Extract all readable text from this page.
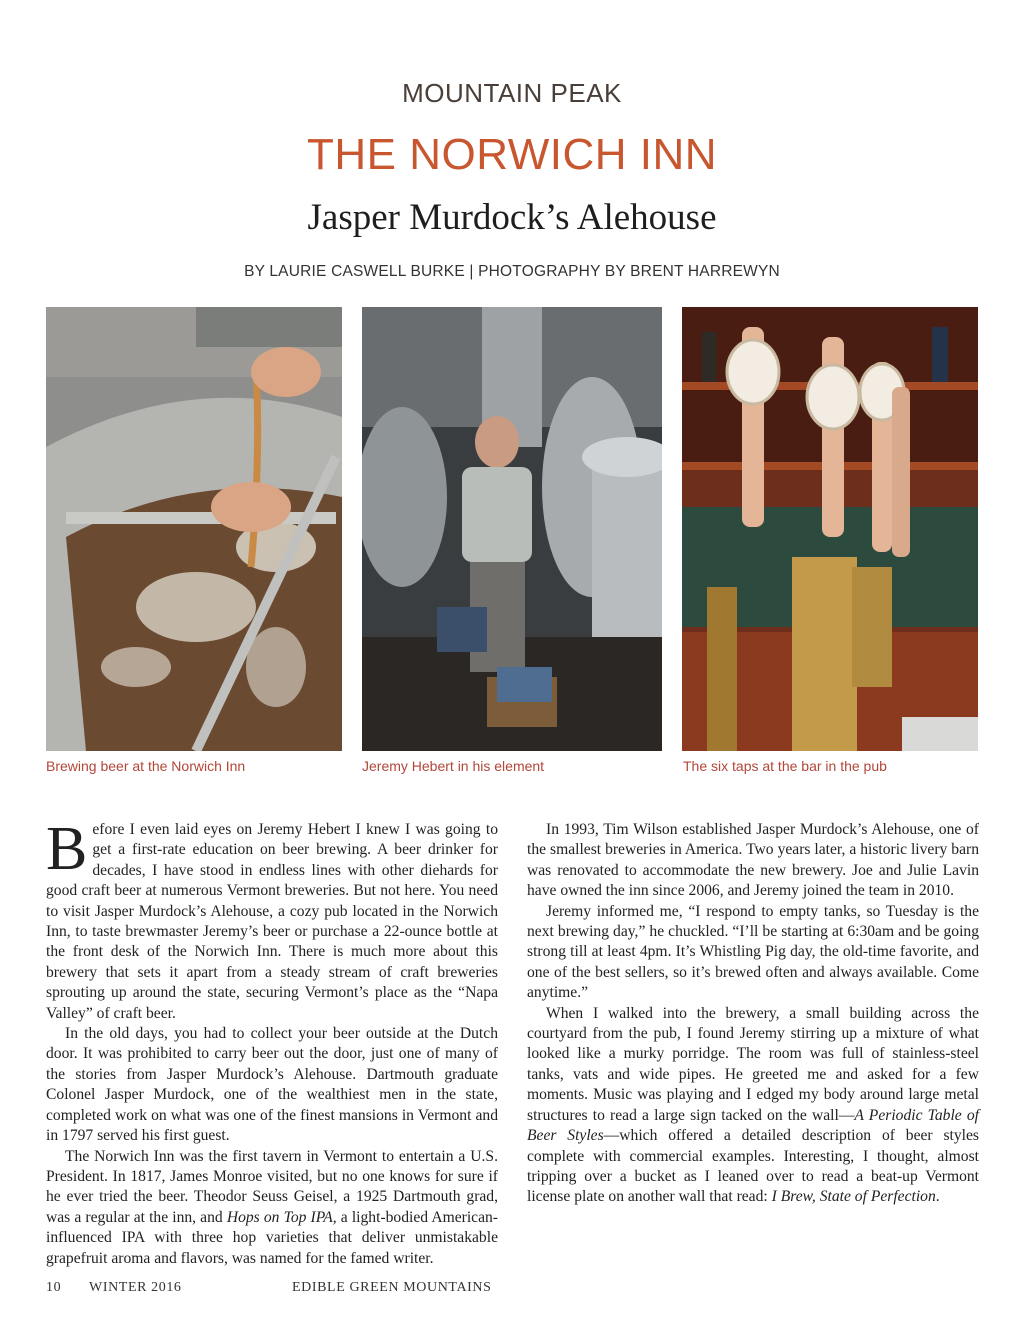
MOUNTAIN PEAK
THE NORWICH INN
Jasper Murdock’s Alehouse
BY LAURIE CASWELL BURKE | PHOTOGRAPHY BY BRENT HARREWYN
Brewing beer at the Norwich Inn	Jeremy Hebert in his element	The six taps at the bar in the pub

Before I even laid eyes on Jeremy Hebert I knew I was going to get a first-rate education on beer brewing. A beer drinker for decades, I have stood in endless lines with other diehards for good craft beer at numerous Vermont breweries. But not here. You need to visit Jasper Murdock’s Alehouse, a cozy pub located in the Norwich Inn, to taste brewmaster Jeremy’s beer or purchase a 22-ounce bottle at the front desk of the Norwich Inn. There is much more about this brewery that sets it apart from a steady stream of craft breweries sprouting up around the state, securing Vermont’s place as the “Napa Valley” of craft beer.

In the old days, you had to collect your beer outside at the Dutch door. It was prohibited to carry beer out the door, just one of many of the stories from Jasper Murdock’s Alehouse. Dartmouth graduate Colonel Jasper Murdock, one of the wealthiest men in the state, completed work on what was one of the finest mansions in Vermont and in 1797 served his first guest.

The Norwich Inn was the first tavern in Vermont to entertain a U.S. President. In 1817, James Monroe visited, but no one knows for sure if he ever tried the beer. Theodor Seuss Geisel, a 1925 Dartmouth grad, was a regular at the inn, and Hops on Top IPA, a light-bodied American-influenced IPA with three hop varieties that deliver unmistakable grapefruit aroma and flavors, was named for the famed writer.

In 1993, Tim Wilson established Jasper Murdock’s Alehouse, one of the smallest breweries in America. Two years later, a historic livery barn was renovated to accommodate the new brewery. Joe and Julie Lavin have owned the inn since 2006, and Jeremy joined the team in 2010.

Jeremy informed me, “I respond to empty tanks, so Tuesday is the next brewing day,” he chuckled. “I’ll be starting at 6:30am and be going strong till at least 4pm. It’s Whistling Pig day, the old-time favorite, and one of the best sellers, so it’s brewed often and always available. Come anytime.”

When I walked into the brewery, a small building across the courtyard from the pub, I found Jeremy stirring up a mixture of what looked like a murky porridge. The room was full of stainless-steel tanks, vats and wide pipes. He greeted me and asked for a few moments. Music was playing and I edged my body around large metal structures to read a large sign tacked on the wall—A Periodic Table of Beer Styles—which offered a detailed description of beer styles complete with commercial examples. Interesting, I thought, almost tripping over a bucket as I leaned over to read a beat-up Vermont license plate on another wall that read: I Brew, State of Perfection.

10 WINTER 2016	EDIBLE GREEN MOUNTAINS
